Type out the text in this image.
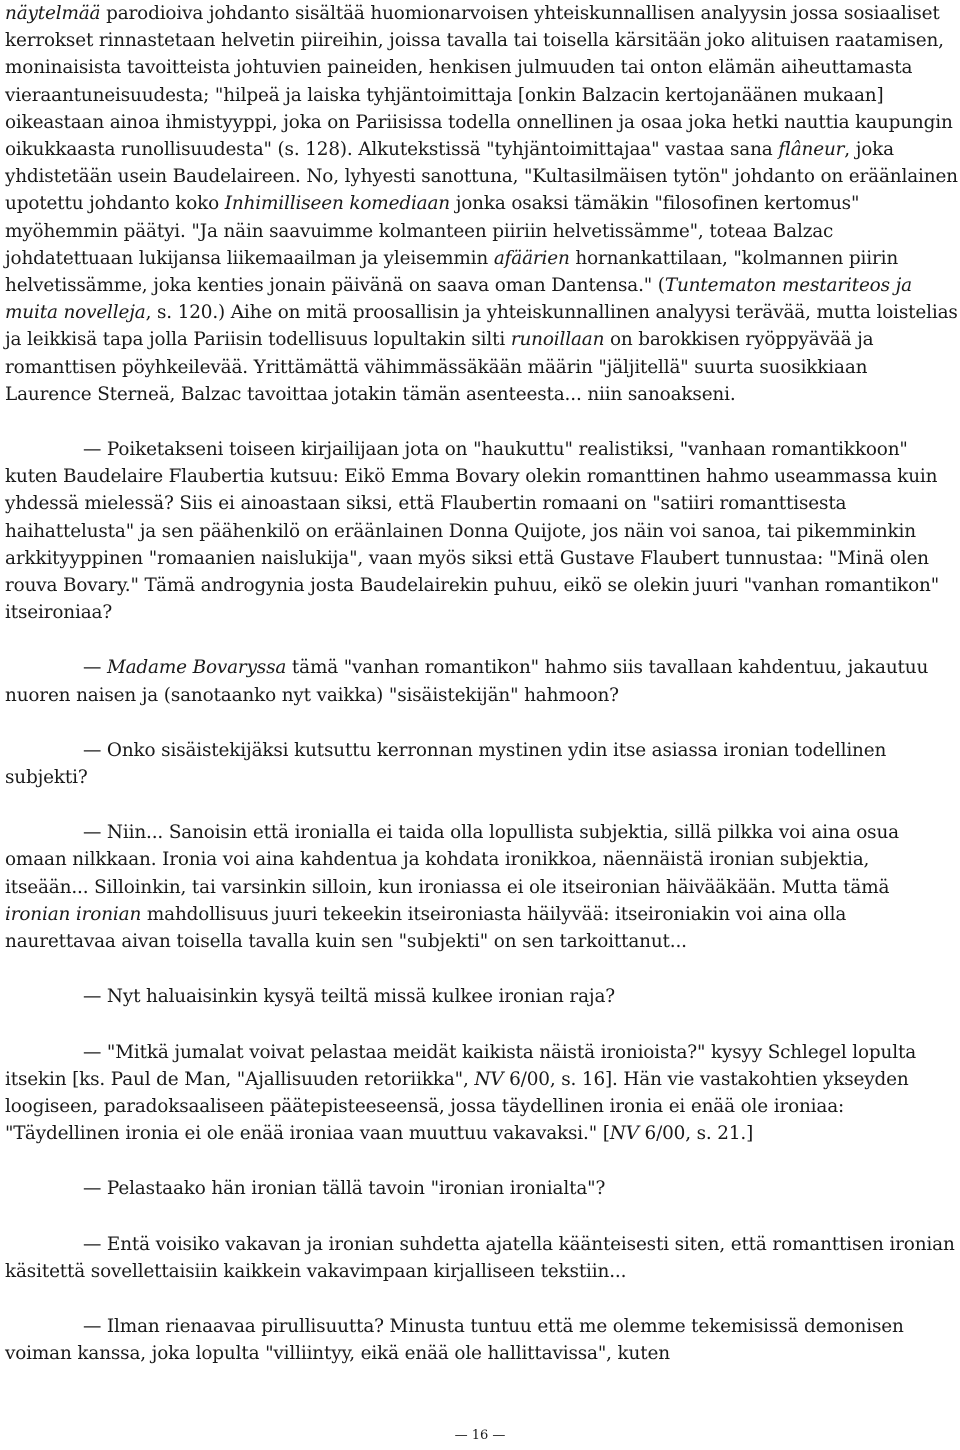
näytelmää parodioiva johdanto sisältää huomionarvoisen yhteiskunnallisen analyysin jossa sosiaaliset kerrokset rinnastetaan helvetin piireihin, joissa tavalla tai toisella kärsitään joko alituisen raatamisen, moninaisista tavoitteista johtuvien paineiden, henkisen julmuuden tai onton elämän aiheuttamasta vieraantuneisuudesta; "hilpeä ja laiska tyhjäntoimittaja [onkin Balzacin kertojanäänen mukaan] oikeastaan ainoa ihmistyyppi, joka on Pariisissa todella onnellinen ja osaa joka hetki nauttia kaupungin oikukkaasta runollisuudesta" (s. 128). Alkutekstissä "tyhjäntoimittajaa" vastaa sana flâneur, joka yhdistetään usein Baudelaireen. No, lyhyesti sanottuna, "Kultasilmäisen tytön" johdanto on eräänlainen upotettu johdanto koko Inhimilliseen komediaan jonka osaksi tämäkin "filosofinen kertomus" myöhemmin päätyi. "Ja näin saavuimme kolmanteen piiriin helvetissämme", toteaa Balzac johdatettuaan lukijansa liikemaailman ja yleisemmin afäärien hornankattilaan, "kolmannen piirin helvetissämme, joka kenties jonain päivänä on saava oman Dantensa." (Tuntematon mestariteos ja muita novelleja, s. 120.) Aihe on mitä proosallisin ja yhteiskunnallinen analyysi terävää, mutta loistelias ja leikkisä tapa jolla Pariisin todellisuus lopultakin silti runoillaan on barokkisen ryöppyävää ja romanttisen pöyhkeilevää. Yrittämättä vähimmässäkään määrin "jäljitellä" suurta suosikkiaan Laurence Sterneä, Balzac tavoittaa jotakin tämän asenteesta... niin sanoakseni.

— Poiketakseni toiseen kirjailijaan jota on "haukuttu" realistiksi, "vanhaan romantikkoon" kuten Baudelaire Flaubertia kutsuu: Eikö Emma Bovary olekin romanttinen hahmo useammassa kuin yhdessä mielessä? Siis ei ainoastaan siksi, että Flaubertin romaani on "satiiri romanttisesta haihattelusta" ja sen päähenkilö on eräänlainen Donna Quijote, jos näin voi sanoa, tai pikemminkin arkkityyppinen "romaanien naislukija", vaan myös siksi että Gustave Flaubert tunnustaa: "Minä olen rouva Bovary." Tämä androgynia josta Baudelairekin puhuu, eikö se olekin juuri "vanhan romantikon" itseironiaa?

— Madame Bovaryssa tämä "vanhan romantikon" hahmo siis tavallaan kahdentuu, jakautuu nuoren naisen ja (sanotaanko nyt vaikka) "sisäistekijän" hahmoon?

— Onko sisäistekijäksi kutsuttu kerronnan mystinen ydin itse asiassa ironian todellinen subjekti?

— Niin... Sanoisin että ironialla ei taida olla lopullista subjektia, sillä pilkka voi aina osua omaan nilkkaan. Ironia voi aina kahdentua ja kohdata ironikkoa, näennäistä ironian subjektia, itseään... Silloinkin, tai varsinkin silloin, kun ironiassa ei ole itseironian häivääkään. Mutta tämä ironian ironian mahdollisuus juuri tekeekin itseironiasta häilyvää: itseironiakin voi aina olla naurettavaa aivan toisella tavalla kuin sen "subjekti" on sen tarkoittanut...

— Nyt haluaisinkin kysyä teiltä missä kulkee ironian raja?

— "Mitkä jumalat voivat pelastaa meidät kaikista näistä ironioista?" kysyy Schlegel lopulta itsekin [ks. Paul de Man, "Ajallisuuden retoriikka", NV 6/00, s. 16]. Hän vie vastakohtien ykseyden loogiseen, paradoksaaliseen päätepisteeseensä, jossa täydellinen ironia ei enää ole ironiaa: "Täydellinen ironia ei ole enää ironiaa vaan muuttuu vakavaksi." [NV 6/00, s. 21.]

— Pelastaako hän ironian tällä tavoin "ironian ironialta"?

— Entä voisiko vakavan ja ironian suhdetta ajatella käänteisesti siten, että romanttisen ironian käsitettä sovellettaisiin kaikkein vakavimpaan kirjalliseen tekstiin...

— Ilman rienaavaa pirullisuutta? Minusta tuntuu että me olemme tekemisissä demonisen voiman kanssa, joka lopulta "villiintyy, eikä enää ole hallittavissa", kuten

— 16 —
